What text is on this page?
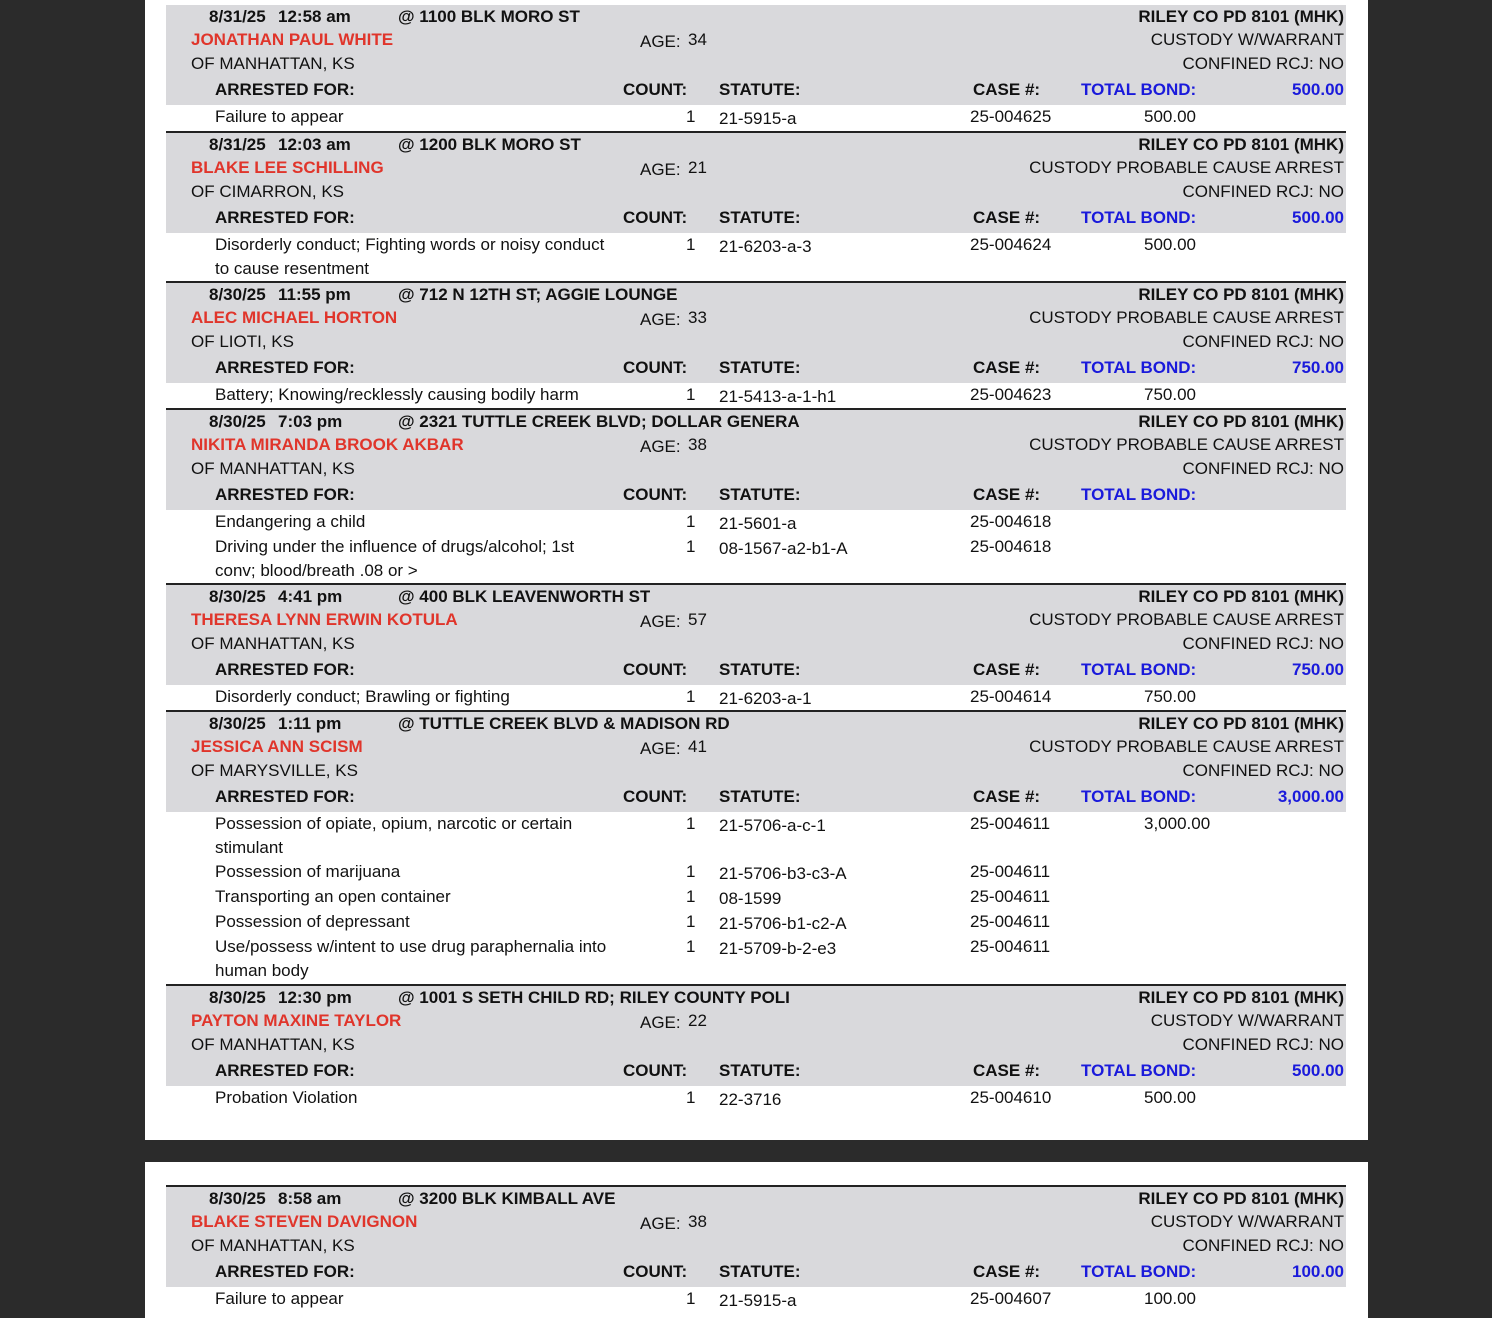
8/31/25 12:58 am	@ 1100 BLK MORO ST	RILEY CO PD 8101 (MHK)
JONATHAN PAUL WHITE	AGE: 34	CUSTODY W/WARRANT
OF MANHATTAN, KS	CONFINED RCJ: NO
ARRESTED FOR:	COUNT: STATUTE:	CASE #: TOTAL BOND:	500.00
Failure to appear	1 21-5915-a	25-004625	500.00
8/31/25 12:03 am	@ 1200 BLK MORO ST	RILEY CO PD 8101 (MHK)
BLAKE LEE SCHILLING	AGE: 21	CUSTODY PROBABLE CAUSE ARREST
OF CIMARRON, KS	CONFINED RCJ: NO
ARRESTED FOR:	COUNT: STATUTE:	CASE #: TOTAL BOND:	500.00
Disorderly conduct; Fighting words or noisy conduct to cause resentment
1 21-6203-a-3	25-004624	500.00
8/30/25 11:55 pm	@ 712 N 12TH ST; AGGIE LOUNGE	RILEY CO PD 8101 (MHK)
ALEC MICHAEL HORTON	AGE: 33	CUSTODY PROBABLE CAUSE ARREST
OF LIOTI, KS	CONFINED RCJ: NO
ARRESTED FOR:	COUNT: STATUTE:	CASE #: TOTAL BOND:	750.00
Battery; Knowing/recklessly causing bodily harm	1 21-5413-a-1-h1	25-004623	750.00
8/30/25 7:03 pm	@ 2321 TUTTLE CREEK BLVD; DOLLAR GENERA	RILEY CO PD 8101 (MHK)
NIKITA MIRANDA BROOK AKBAR	AGE: 38	CUSTODY PROBABLE CAUSE ARREST
OF MANHATTAN, KS	CONFINED RCJ: NO
ARRESTED FOR:	COUNT: STATUTE:	CASE #: TOTAL BOND:
Endangering a child	1 21-5601-a	25-004618
Driving under the influence of drugs/alcohol; 1st conv; blood/breath .08 or >
1 08-1567-a2-b1-A	25-004618
8/30/25 4:41 pm	@ 400 BLK LEAVENWORTH ST	RILEY CO PD 8101 (MHK)
THERESA LYNN ERWIN KOTULA	AGE: 57	CUSTODY PROBABLE CAUSE ARREST
OF MANHATTAN, KS	CONFINED RCJ: NO
ARRESTED FOR:	COUNT: STATUTE:	CASE #: TOTAL BOND:	750.00
Disorderly conduct; Brawling or fighting	1 21-6203-a-1	25-004614	750.00
8/30/25 1:11 pm	@ TUTTLE CREEK BLVD & MADISON RD	RILEY CO PD 8101 (MHK)
JESSICA ANN SCISM	AGE: 41	CUSTODY PROBABLE CAUSE ARREST
OF MARYSVILLE, KS	CONFINED RCJ: NO
ARRESTED FOR:	COUNT: STATUTE:	CASE #: TOTAL BOND:	3,000.00
Possession of opiate, opium, narcotic or certain stimulant
1 21-5706-a-c-1	25-004611	3,000.00
Possession of marijuana	1 21-5706-b3-c3-A	25-004611
Transporting an open container	1 08-1599	25-004611
Possession of depressant	1 21-5706-b1-c2-A	25-004611
Use/possess w/intent to use drug paraphernalia into human body
1 21-5709-b-2-e3	25-004611
8/30/25 12:30 pm	@ 1001 S SETH CHILD RD; RILEY COUNTY POLI	RILEY CO PD 8101 (MHK)
PAYTON MAXINE TAYLOR	AGE: 22	CUSTODY W/WARRANT
OF MANHATTAN, KS	CONFINED RCJ: NO
ARRESTED FOR:	COUNT: STATUTE:	CASE #: TOTAL BOND:	500.00
Probation Violation	1 22-3716	25-004610	500.00
8/30/25 8:58 am	@ 3200 BLK KIMBALL AVE	RILEY CO PD 8101 (MHK)
BLAKE STEVEN DAVIGNON	AGE: 38	CUSTODY W/WARRANT
OF MANHATTAN, KS	CONFINED RCJ: NO
ARRESTED FOR:	COUNT: STATUTE:	CASE #: TOTAL BOND:	100.00
Failure to appear	1 21-5915-a	25-004607	100.00
